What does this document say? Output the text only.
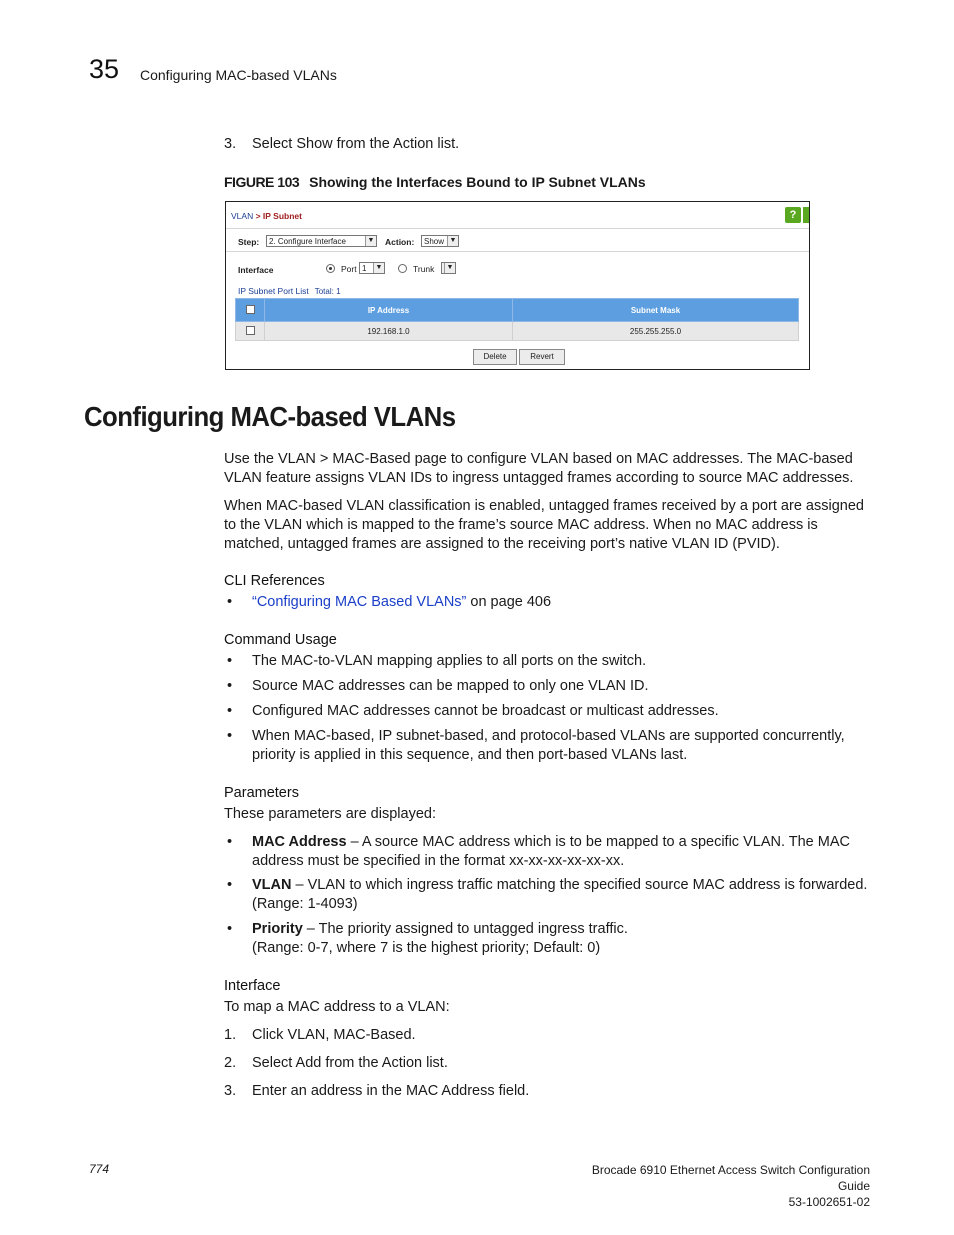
35 Configuring MAC-based VLANs
3. Select Show from the Action list.
FIGURE 103 Showing the Interfaces Bound to IP Subnet VLANs
VLAN > IP Subnet	?
Step:	2. Configure Interface	▼ Action:	Show ▼
Interface	Port 1	▼	Trunk	▼
IP Subnet Port List Total: 1
	IP Address	Subnet Mask
	192.168.1.0	255.255.255.0
Delete	Revert
Configuring MAC-based VLANs
Use the VLAN > MAC-Based page to configure VLAN based on MAC addresses. The MAC-based VLAN feature assigns VLAN IDs to ingress untagged frames according to source MAC addresses.
When MAC-based VLAN classification is enabled, untagged frames received by a port are assigned to the VLAN which is mapped to the frame’s source MAC address. When no MAC address is matched, untagged frames are assigned to the receiving port’s native VLAN ID (PVID).
CLI References
• “Configuring MAC Based VLANs” on page 406
Command Usage
• The MAC-to-VLAN mapping applies to all ports on the switch.
• Source MAC addresses can be mapped to only one VLAN ID.
• Configured MAC addresses cannot be broadcast or multicast addresses.
• When MAC-based, IP subnet-based, and protocol-based VLANs are supported concurrently, priority is applied in this sequence, and then port-based VLANs last.
Parameters
These parameters are displayed:
• MAC Address – A source MAC address which is to be mapped to a specific VLAN. The MAC address must be specified in the format xx-xx-xx-xx-xx-xx.
• VLAN – VLAN to which ingress traffic matching the specified source MAC address is forwarded. (Range: 1-4093)
• Priority – The priority assigned to untagged ingress traffic. (Range: 0-7, where 7 is the highest priority; Default: 0)
Interface
To map a MAC address to a VLAN:
1. Click VLAN, MAC-Based.
2. Select Add from the Action list.
3. Enter an address in the MAC Address field.
774	Brocade 6910 Ethernet Access Switch Configuration Guide
53-1002651-02
